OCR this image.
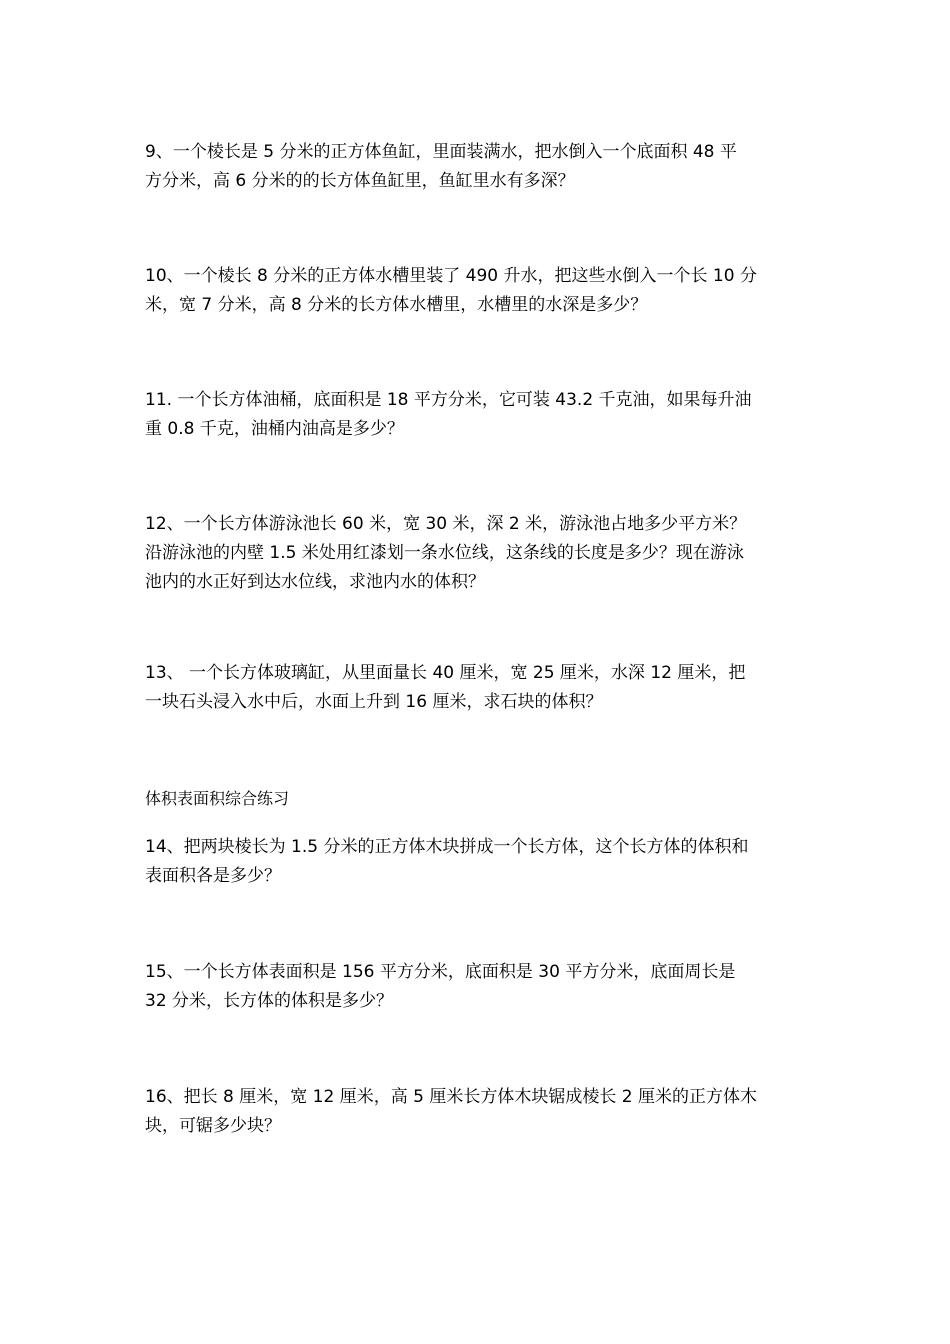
9、一个棱长是 5 分米的正方体鱼缸，里面装满水，把水倒入一个底面积 48 平
方分米，高 6 分米的的长方体鱼缸里，鱼缸里水有多深？
10、一个棱长 8 分米的正方体水槽里装了 490 升水，把这些水倒入一个长 10 分
米，宽 7 分米，高 8 分米的长方体水槽里，水槽里的水深是多少？
11. 一个长方体油桶，底面积是 18 平方分米，它可装 43.2 千克油，如果每升油
重 0.8 千克，油桶内油高是多少？
12、一个长方体游泳池长 60 米，宽 30 米，深 2 米，游泳池占地多少平方米？
沿游泳池的内壁 1.5 米处用红漆划一条水位线，这条线的长度是多少？现在游泳
池内的水正好到达水位线，求池内水的体积？
13、 一个长方体玻璃缸，从里面量长 40 厘米，宽 25 厘米，水深 12 厘米，把
一块石头浸入水中后，水面上升到 16 厘米，求石块的体积？
体积表面积综合练习
14、把两块棱长为 1.5 分米的正方体木块拼成一个长方体，这个长方体的体积和
表面积各是多少？
15、一个长方体表面积是 156 平方分米，底面积是 30 平方分米，底面周长是
32 分米，长方体的体积是多少？
16、把长 8 厘米，宽 12 厘米，高 5 厘米长方体木块锯成棱长 2 厘米的正方体木
块，可锯多少块？
